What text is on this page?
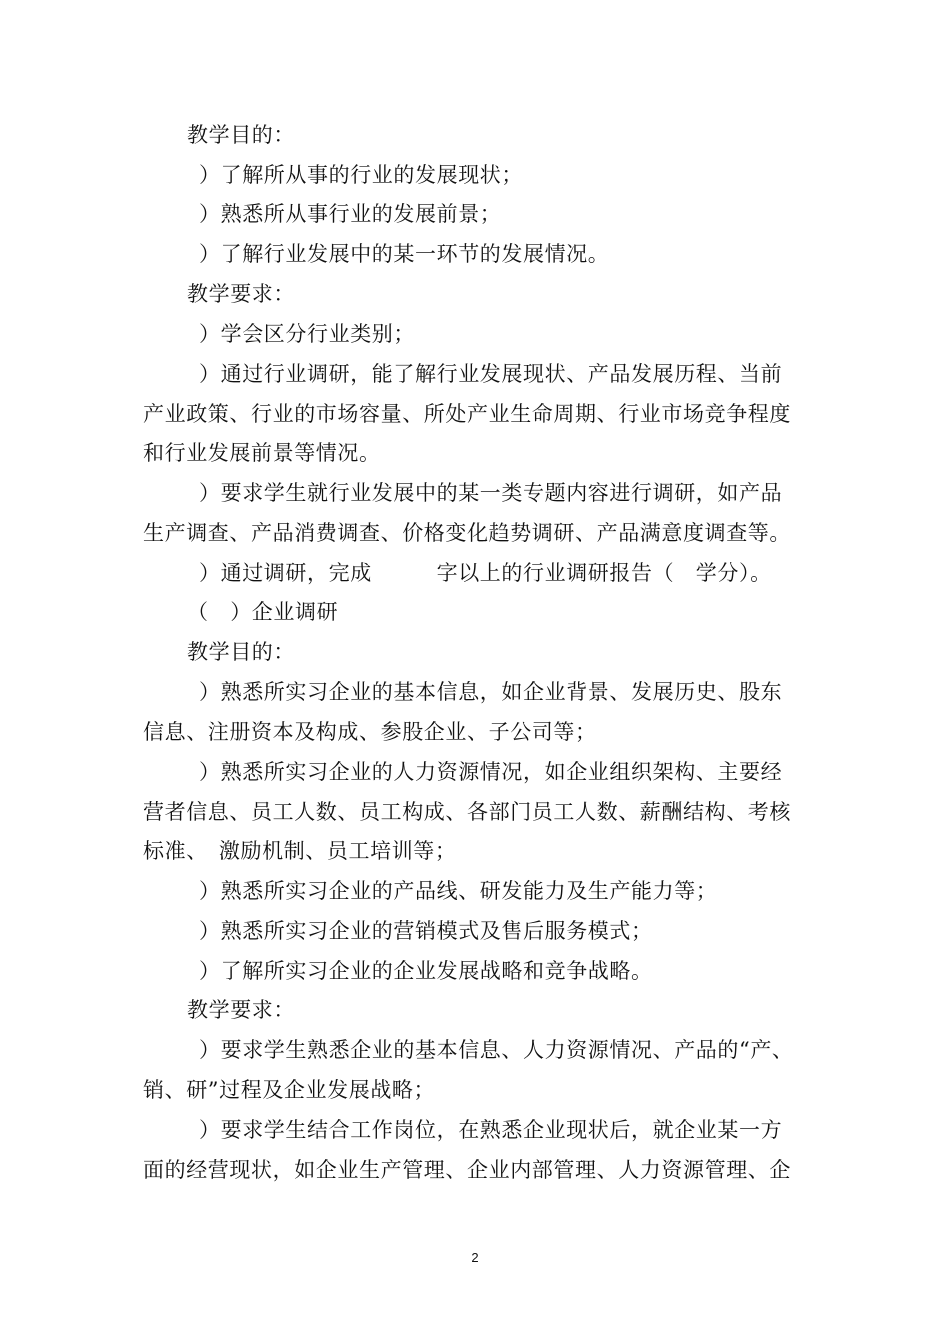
教学目的：
）了解所从事的行业的发展现状；
）熟悉所从事行业的发展前景；
）了解行业发展中的某一环节的发展情况。
教学要求：
）学会区分行业类别；
）通过行业调研，能了解行业发展现状、产品发展历程、当前
产业政策、行业的市场容量、所处产业生命周期、行业市场竞争程度
和行业发展前景等情况。
）要求学生就行业发展中的某一类专题内容进行调研，如产品
生产调查、产品消费调查、价格变化趋势调研、产品满意度调查等。
）通过调研，完成　　　字以上的行业调研报告（　学分）。
（　）企业调研
教学目的：
）熟悉所实习企业的基本信息，如企业背景、发展历史、股东
信息、注册资本及构成、参股企业、子公司等；
）熟悉所实习企业的人力资源情况，如企业组织架构、主要经
营者信息、员工人数、员工构成、各部门员工人数、薪酬结构、考核
标准、　激励机制、员工培训等；
）熟悉所实习企业的产品线、研发能力及生产能力等；
）熟悉所实习企业的营销模式及售后服务模式；
）了解所实习企业的企业发展战略和竞争战略。
教学要求：
）要求学生熟悉企业的基本信息、人力资源情况、产品的“产、
销、研”过程及企业发展战略；
）要求学生结合工作岗位，在熟悉企业现状后，就企业某一方
面的经营现状，如企业生产管理、企业内部管理、人力资源管理、企
2
